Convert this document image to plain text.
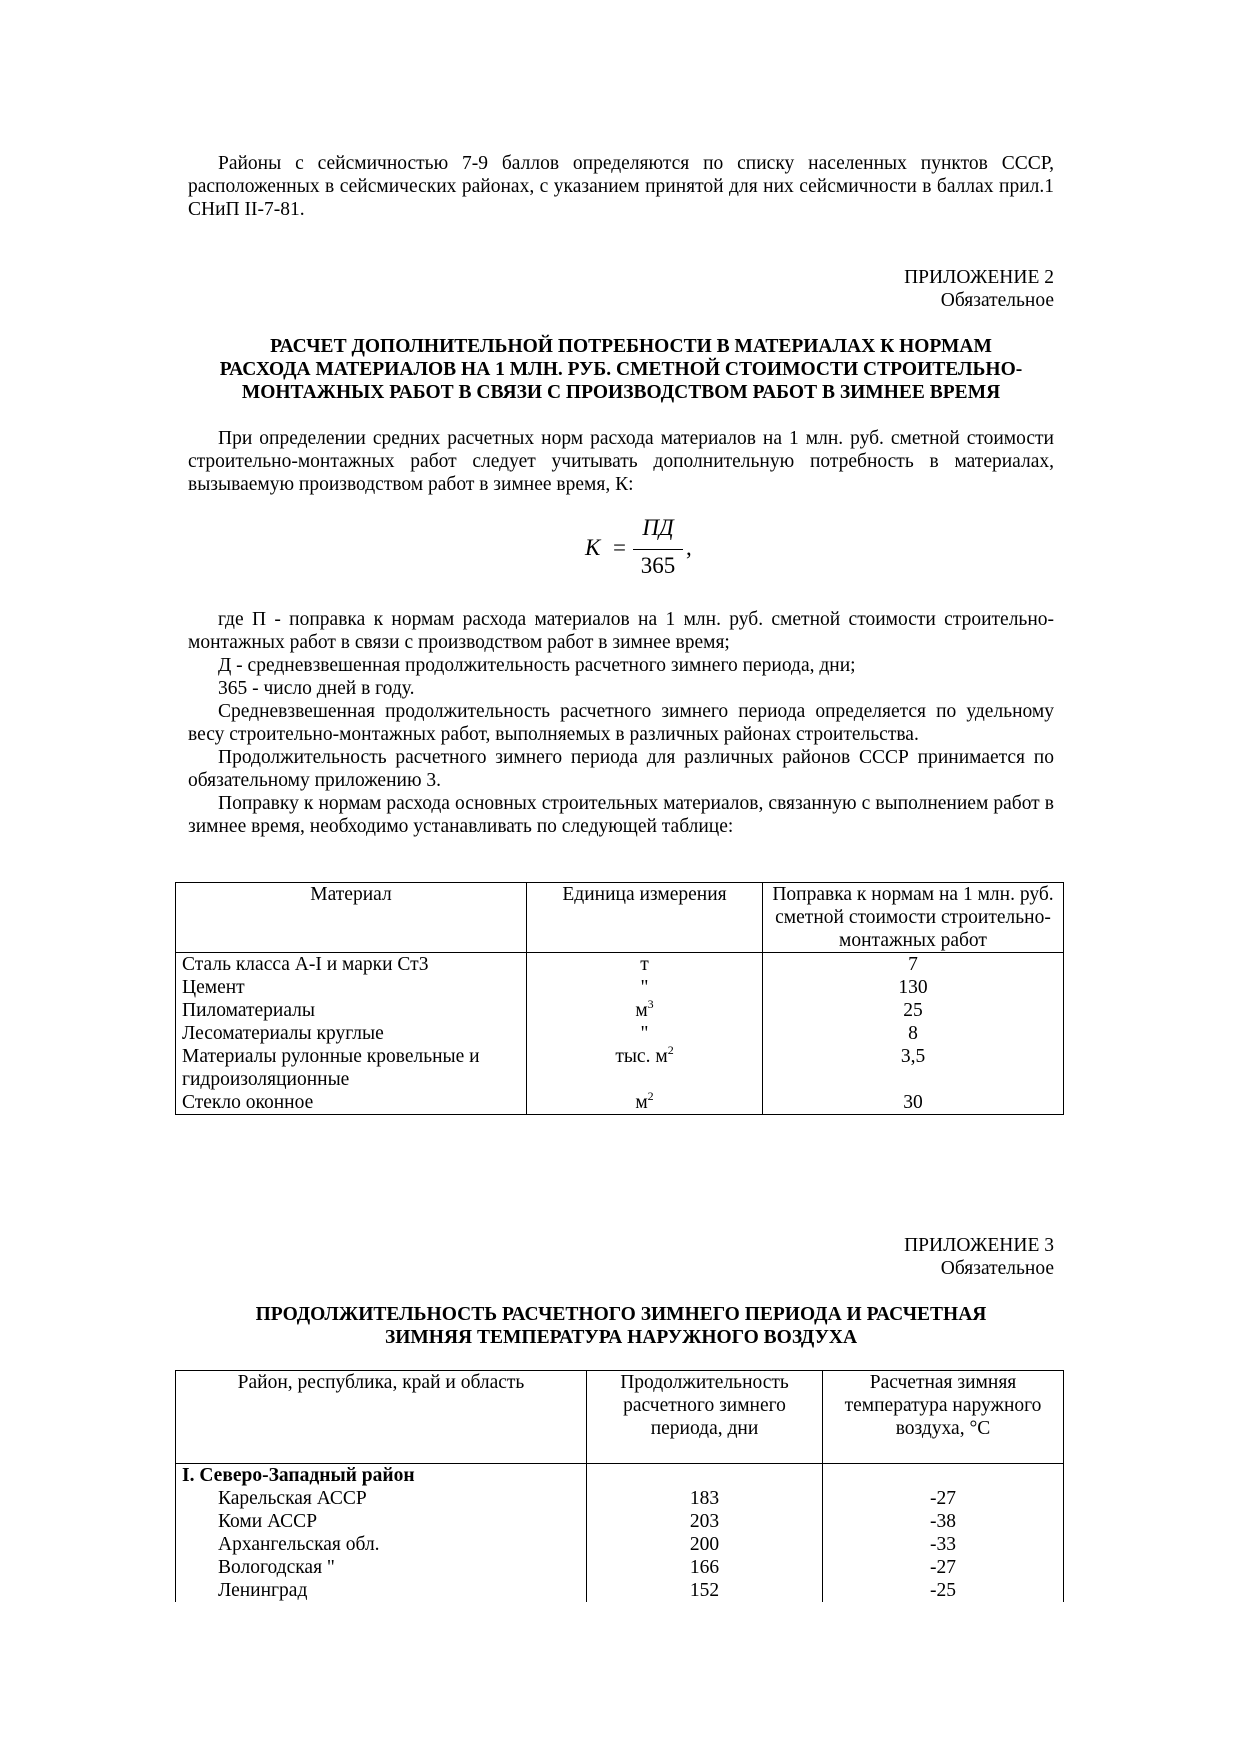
Районы с сейсмичностью 7-9 баллов определяются по списку населенных пунктов СССР, расположенных в сейсмических районах, с указанием принятой для них сейсмичности в баллах прил.1 СНиП II-7-81.

ПРИЛОЖЕНИЕ 2

Обязательное

РАСЧЕТ ДОПОЛНИТЕЛЬНОЙ ПОТРЕБНОСТИ В МАТЕРИАЛАХ К НОРМАМ

РАСХОДА МАТЕРИАЛОВ НА 1 МЛН. РУБ. СМЕТНОЙ СТОИМОСТИ СТРОИТЕЛЬНО-

МОНТАЖНЫХ РАБОТ В СВЯЗИ С ПРОИЗВОДСТВОМ РАБОТ В ЗИМНЕЕ ВРЕМЯ

При определении средних расчетных норм расхода материалов на 1 млн. руб. сметной стоимости строительно-монтажных работ следует учитывать дополнительную потребность в материалах, вызываемую производством работ в зимнее время, К:

где П - поправка к нормам расхода материалов на 1 млн. руб. сметной стоимости строительно-монтажных работ в связи с производством работ в зимнее время;

Д - средневзвешенная продолжительность расчетного зимнего периода, дни;

365 - число дней в году.

Средневзвешенная продолжительность расчетного зимнего периода определяется по удельному весу строительно-монтажных работ, выполняемых в различных районах строительства.

Продолжительность расчетного зимнего периода для различных районов СССР принимается по обязательному приложению 3.

Поправку к нормам расхода основных строительных материалов, связанную с выполнением работ в зимнее время, необходимо устанавливать по следующей таблице:

К =
ПД
365
,
Материал	Единица измерения	Поправка к нормам на 1 млн. руб. сметной стоимости строительно-монтажных работ
Сталь класса А-I и марки Ст3	т	7
Цемент	"	130
Пиломатериалы	$м^3$	25
Лесоматериалы круглые	"	8
Материалы рулонные кровельные и гидроизоляционные	тыс. $м^2$	3,5
Стекло оконное	$м^2$	30

ПРИЛОЖЕНИЕ 3

Обязательное

ПРОДОЛЖИТЕЛЬНОСТЬ РАСЧЕТНОГО ЗИМНЕГО ПЕРИОДА И РАСЧЕТНАЯ

ЗИМНЯЯ ТЕМПЕРАТУРА НАРУЖНОГО ВОЗДУХА

Район, республика, край и область	Продолжительность расчетного зимнего периода, дни	Расчетная зимняя температура наружного воздуха, °С
I. Северо-Западный район		
Карельская АССР	183	-27
Коми АССР	203	-38
Архангельская обл.	200	-33
Вологодская "	166	-27
Ленинград	152	-25
